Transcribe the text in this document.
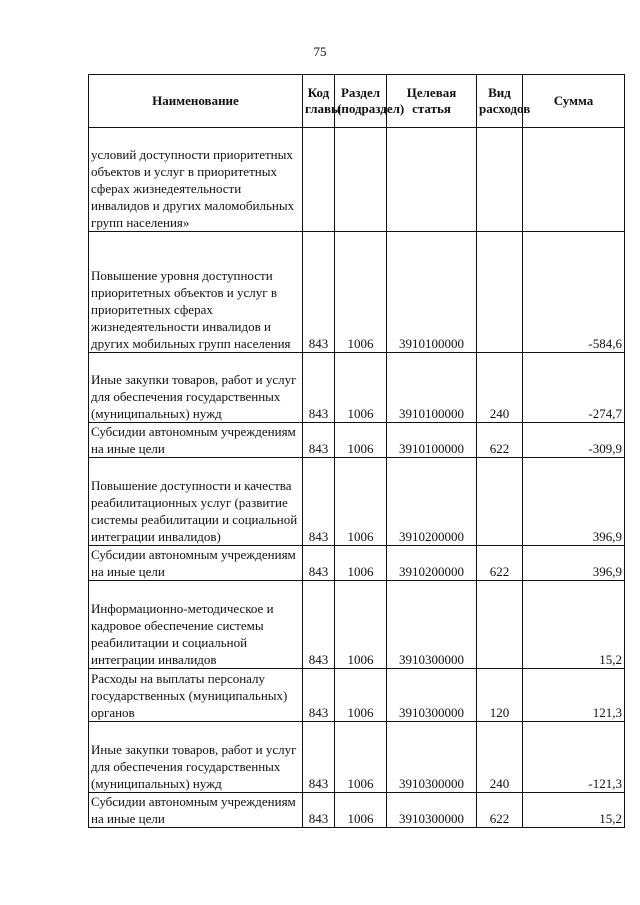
75
Наименование	Код главы	Раздел (подраздел)	Целевая статья	Вид расходов	Сумма
условий доступности приоритетных объектов и услуг в приоритетных сферах жизнедеятельности инвалидов и других маломобильных групп населения»					
Повышение уровня доступности приоритетных объектов и услуг в приоритетных сферах жизнедеятельности инвалидов и других мобильных групп населения	843	1006	3910100000		-584,6
Иные закупки товаров, работ и услуг для обеспечения государственных (муниципальных) нужд	843	1006	3910100000	240	-274,7
Субсидии автономным учреждениям на иные цели	843	1006	3910100000	622	-309,9
Повышение доступности и качества реабилитационных услуг (развитие системы реабилитации и социальной интеграции инвалидов)	843	1006	3910200000		396,9
Субсидии автономным учреждениям на иные цели	843	1006	3910200000	622	396,9
Информационно-методическое и кадровое обеспечение системы реабилитации и социальной интеграции инвалидов	843	1006	3910300000		15,2
Расходы на выплаты персоналу государственных (муниципальных) органов	843	1006	3910300000	120	121,3
Иные закупки товаров, работ и услуг для обеспечения государственных (муниципальных) нужд	843	1006	3910300000	240	-121,3
Субсидии автономным учреждениям на иные цели	843	1006	3910300000	622	15,2
